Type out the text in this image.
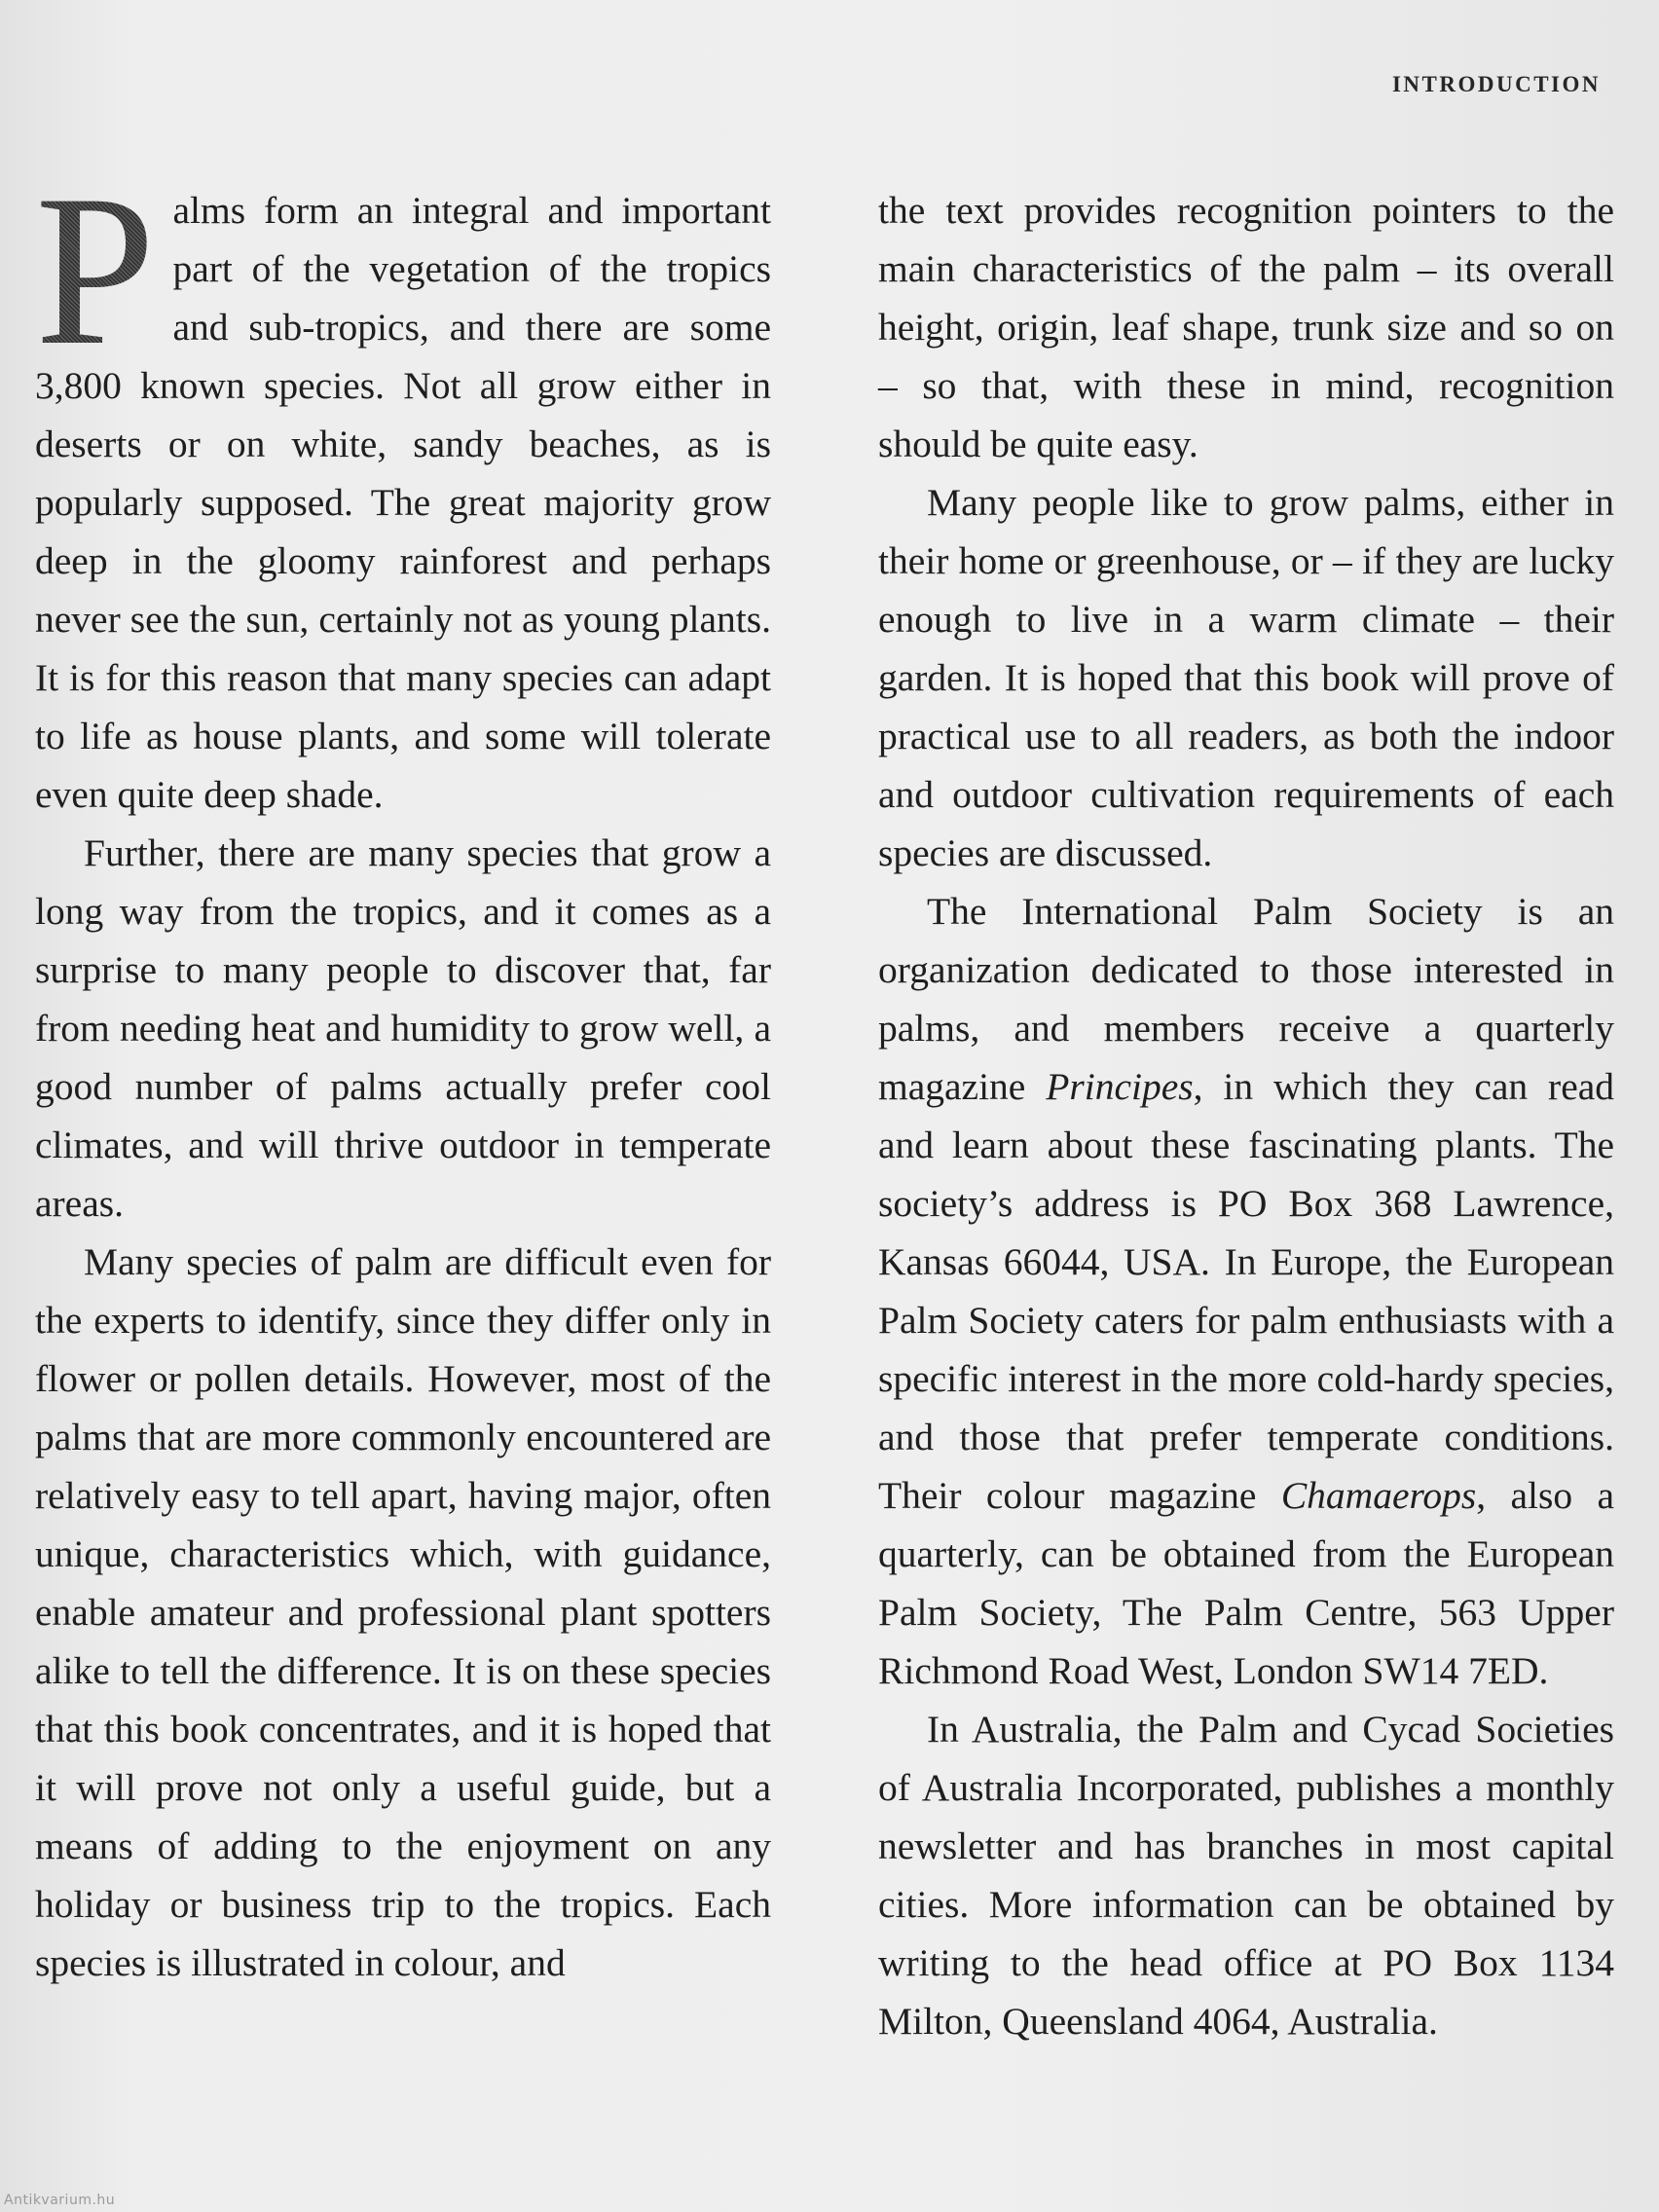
INTRODUCTION

P alms form an integral and important part of the vegetation of the tropics and sub-tropics, and there are some 3,800 known species. Not all grow either in deserts or on white, sandy beaches, as is popularly supposed. The great majority grow deep in the gloomy rainforest and perhaps never see the sun, certainly not as young plants. It is for this reason that many species can adapt to life as house plants, and some will tolerate even quite deep shade.

Further, there are many species that grow a long way from the tropics, and it comes as a surprise to many people to discover that, far from needing heat and humidity to grow well, a good number of palms actually prefer cool climates, and will thrive outdoor in temperate areas.

Many species of palm are difficult even for the experts to identify, since they differ only in flower or pollen details. However, most of the palms that are more commonly encountered are relatively easy to tell apart, having major, often unique, characteristics which, with guidance, enable amateur and professional plant spotters alike to tell the difference. It is on these species that this book concentrates, and it is hoped that it will prove not only a useful guide, but a means of adding to the enjoyment on any holiday or business trip to the tropics. Each species is illustrated in colour, and

the text provides recognition pointers to the main characteristics of the palm – its overall height, origin, leaf shape, trunk size and so on – so that, with these in mind, recognition should be quite easy.

Many people like to grow palms, either in their home or greenhouse, or – if they are lucky enough to live in a warm climate – their garden. It is hoped that this book will prove of practical use to all readers, as both the indoor and outdoor cultivation requirements of each species are discussed.

The International Palm Society is an organization dedicated to those interested in palms, and members receive a quarterly magazine Principes, in which they can read and learn about these fascinating plants. The society’s address is PO Box 368 Lawrence, Kansas 66044, USA. In Europe, the European Palm Society caters for palm enthusiasts with a specific interest in the more cold-hardy species, and those that prefer temperate conditions. Their colour magazine Chamaerops, also a quarterly, can be obtained from the European Palm Society, The Palm Centre, 563 Upper Richmond Road West, London SW14 7ED.

In Australia, the Palm and Cycad Societies of Australia Incorporated, publishes a monthly newsletter and has branches in most capital cities. More information can be obtained by writing to the head office at PO Box 1134 Milton, Queensland 4064, Australia.

Antikvarium.hu
